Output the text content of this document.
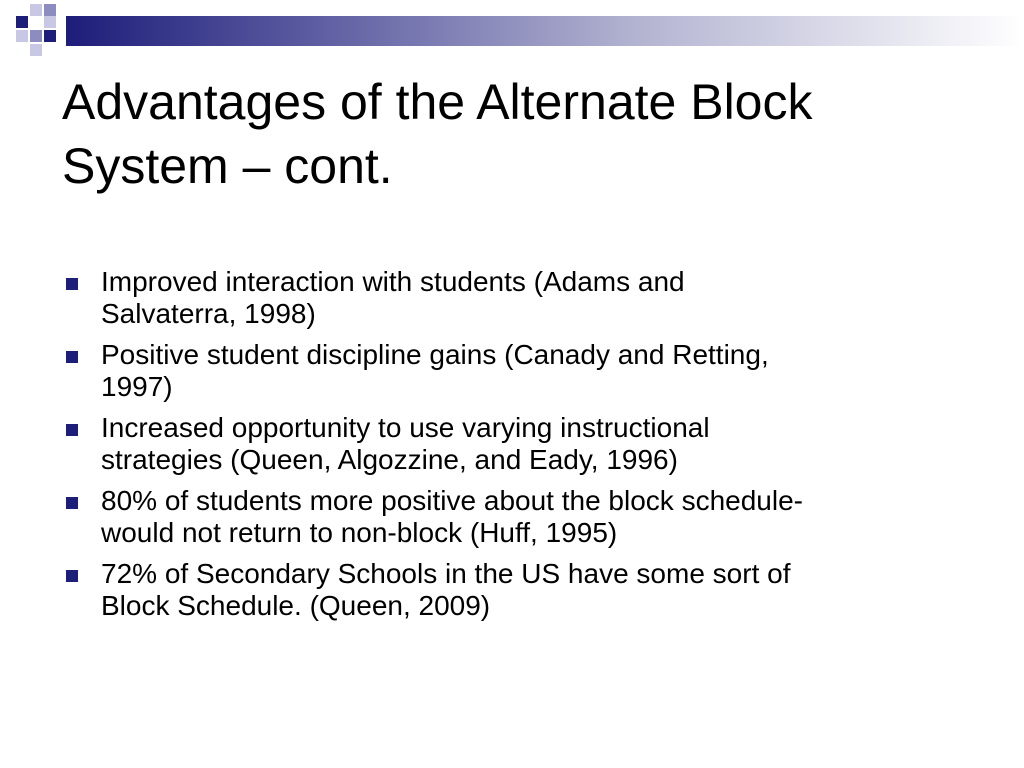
Advantages of the Alternate Block
System – cont.
Improved interaction with students (Adams and
Salvaterra, 1998)
Positive student discipline gains (Canady and Retting,
1997)
Increased opportunity to use varying instructional
strategies (Queen, Algozzine, and Eady, 1996)
80% of students more positive about the block schedule-
would not return to non-block (Huff, 1995)
72% of Secondary Schools in the US have some sort of
Block Schedule. (Queen, 2009)
